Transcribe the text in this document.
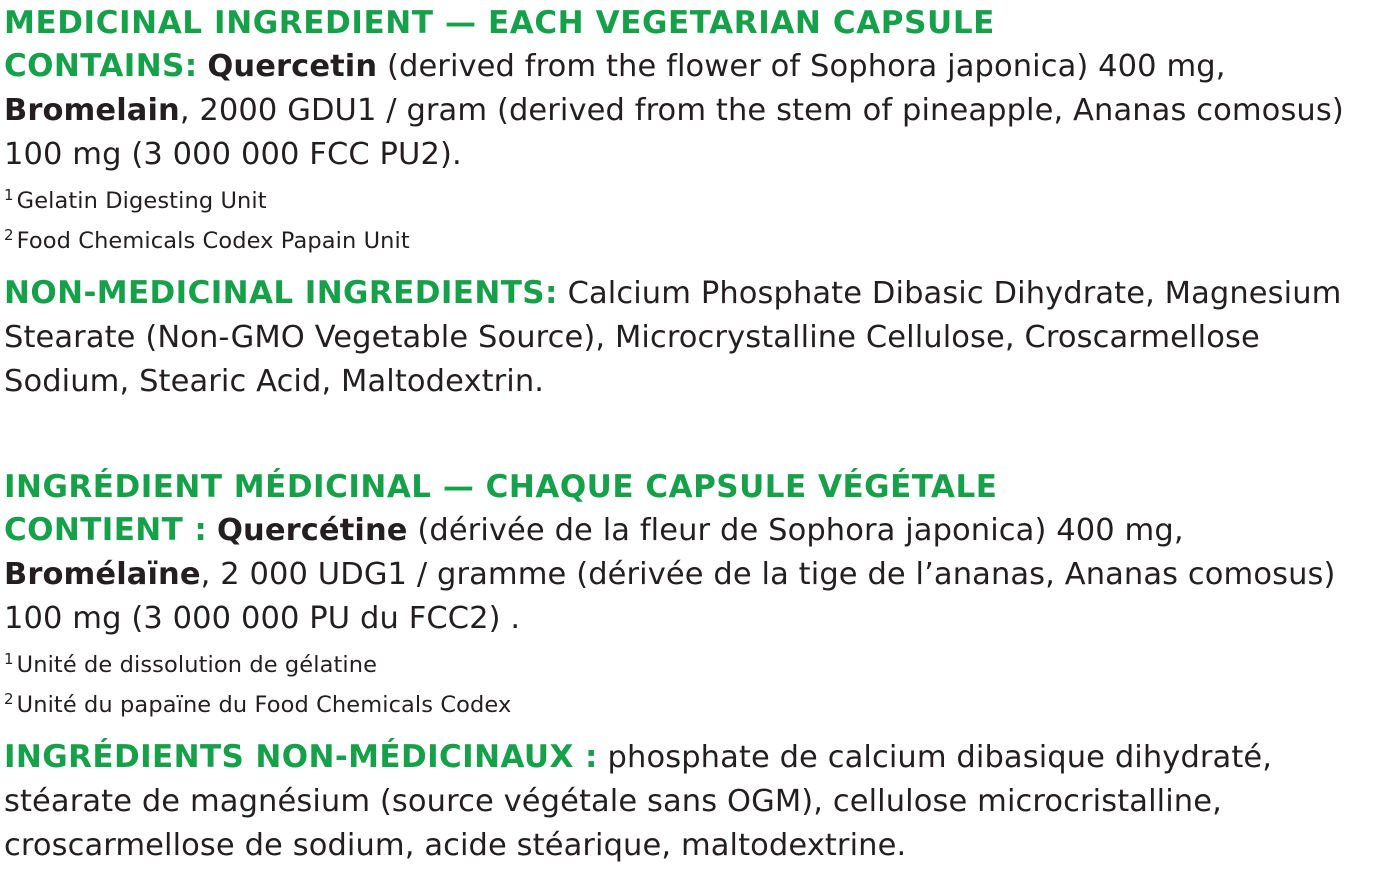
MEDICINAL INGREDIENT — EACH VEGETARIAN CAPSULE

CONTAINS: Quercetin (derived from the flower of Sophora japonica) 400 mg, Bromelain, 2000 GDU1 / gram (derived from the stem of pineapple, Ananas comosus) 100 mg (3 000 000 FCC PU2).

$^1$ Gelatin Digesting Unit

$^2$ Food Chemicals Codex Papain Unit

NON-MEDICINAL INGREDIENTS: Calcium Phosphate Dibasic Dihydrate, Magnesium Stearate (Non-GMO Vegetable Source), Microcrystalline Cellulose, Croscarmellose Sodium, Stearic Acid, Maltodextrin.

INGRÉDIENT MÉDICINAL — CHAQUE CAPSULE VÉGÉTALE

CONTIENT : Quercétine (dérivée de la fleur de Sophora japonica) 400 mg, Bromélaïne, 2 000 UDG1 / gramme (dérivée de la tige de l’ananas, Ananas comosus) 100 mg (3 000 000 PU du FCC2) .

$^1$ Unité de dissolution de gélatine

$^2$ Unité du papaïne du Food Chemicals Codex

INGRÉDIENTS NON-MÉDICINAUX : phosphate de calcium dibasique dihydraté, stéarate de magnésium (source végétale sans OGM), cellulose microcristalline, croscarmellose de sodium, acide stéarique, maltodextrine.
